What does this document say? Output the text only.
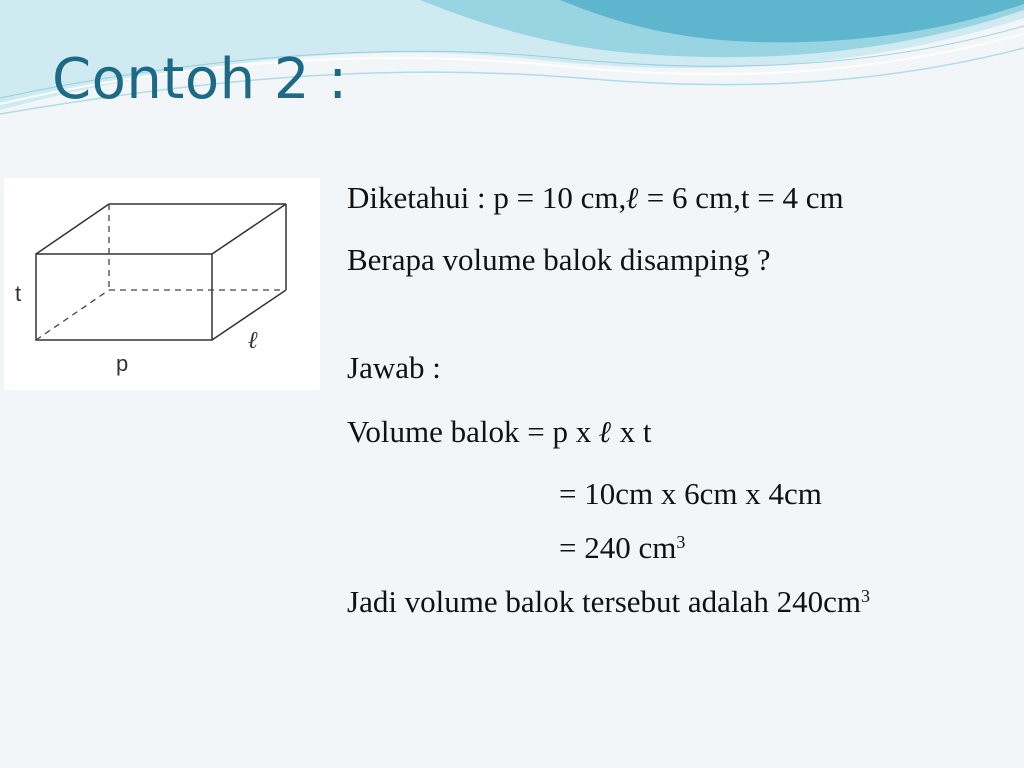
Contoh 2 :
t
p
ℓ
Diketahui : p = 10 cm,ℓ = 6 cm,t = 4 cm
Berapa volume balok disamping ?
Jawab :
Volume balok = p x ℓ x t
= 10cm x 6cm x 4cm
= 240 $cm^3$
Jadi volume balok tersebut adalah $240cm^3$
